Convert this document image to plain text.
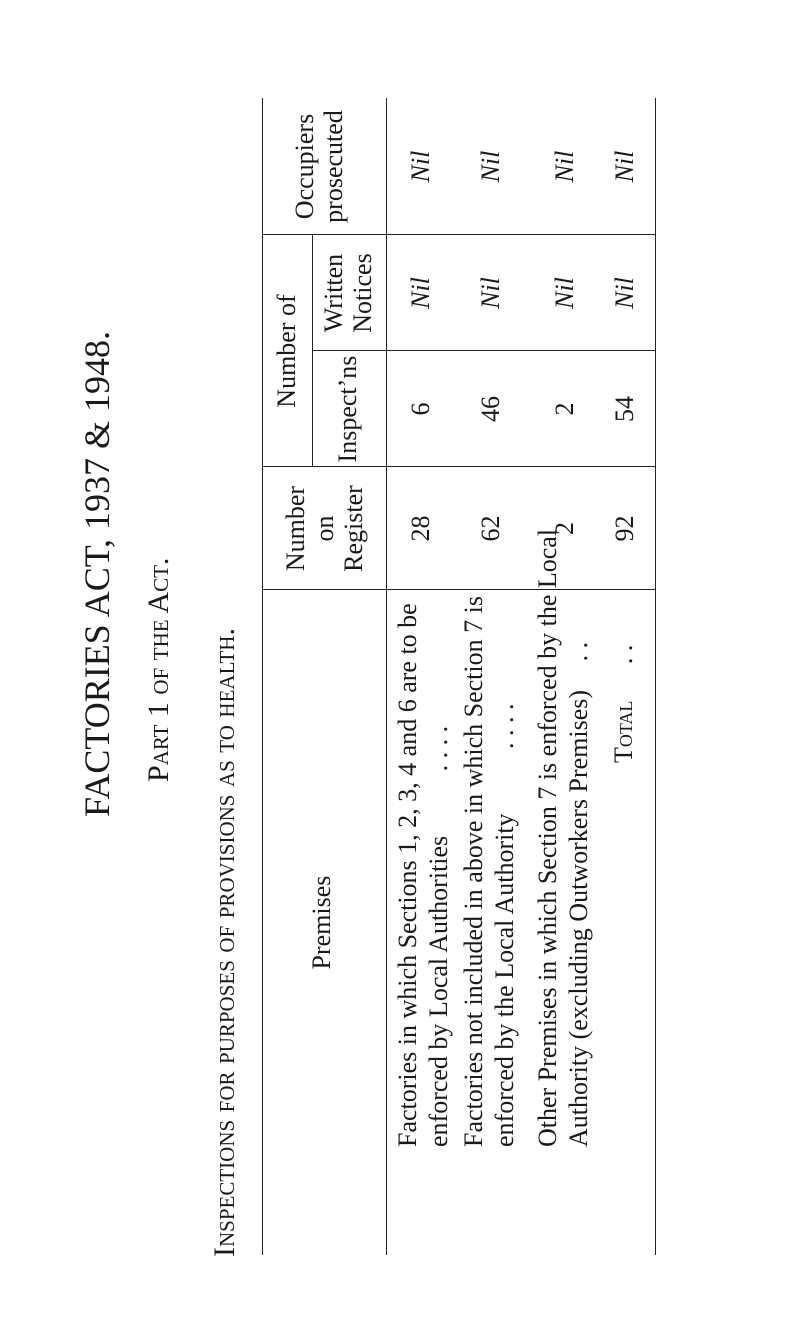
FACTORIES ACT, 1937 & 1948. Part 1 of the Act. Inspections for purposes of provisions as to health.	Premises
Number on Register
Number of
Inspect’ns
Written Notices
Occupiers prosecuted
Factories in which Sections 1, 2, 3, 4 and 6 are to be enforced by Local Authorities . . . .
28
6
Nil
Nil
Factories not included in above in which Section 7 is enforced by the Local Authority . . . .
62
46
Nil
Nil
Other Premises in which Section 7 is enforced by the Local Authority (excluding Outworkers Premises) . .
2
2
Nil
Nil
Total . .
92
54
Nil
Nil
